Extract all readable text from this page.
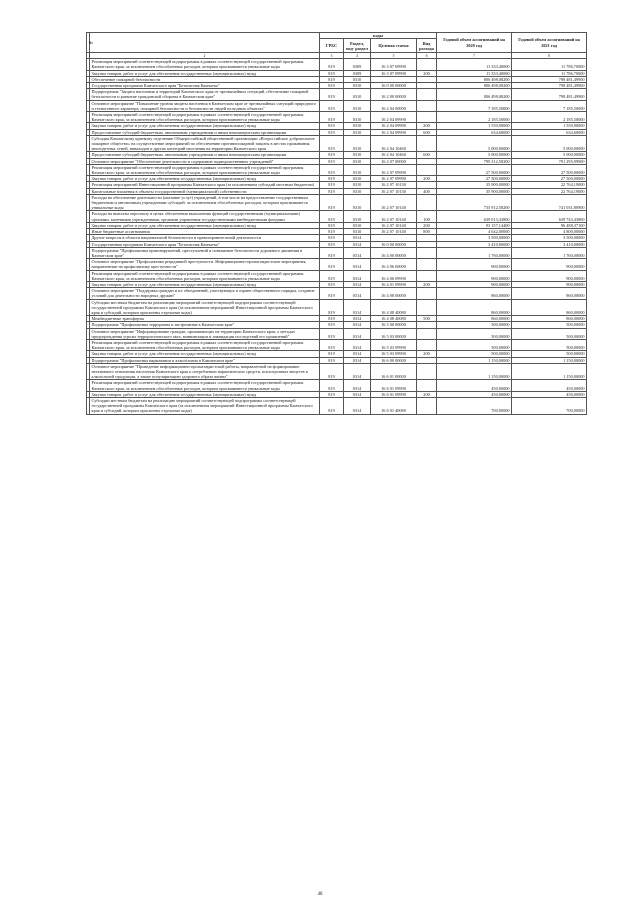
№		коды				Годовой объем ассигнований на 2020 год	Годовой объем ассигнований на 2021 год
		ГРБС	Раздел, под- раздел	Целевая статья	Вид расхода		
1	2	3	4	5	6	7	8
	Реализация мероприятий соответствующей подпрограммы в рамках соответствующей государственной программы Камчатского края, за исключением обособленных расходов, которым присваиваются уникальные коды	819	0309	16 3 07 09990		11 333,40000	11 786,70000
	Закупка товаров, работ и услуг для обеспечения государственных (муниципальных) нужд	819	0309	16 3 07 09990	200	11 333,40000	11 786,70000
	Обеспечение пожарной безопасности	819	0310			806 498,08200	798 481,49900
	Государственная программа Камчатского края "Безопасная Камчатка"	819	0310	16 0 00 00000		806 498,08200	798 481,49900
	Подпрограмма "Защита населения и территорий Камчатского края от чрезвычайных ситуаций, обеспечение пожарной безопасности и развитие гражданской обороны в Камчатском крае"	819	0310	16 2 00 00000		806 498,08200	798 481,49900
	Основное мероприятие "Повышение уровня защиты населения в Камчатском крае от чрезвычайных ситуаций природного и техногенного характера, пожарной безопасности и безопасности людей на водных объектах"	819	0310	16 2 04 00000		7 185,50000	7 185,50000
	Реализация мероприятий соответствующей подпрограммы в рамках соответствующей государственной программы Камчатского края, за исключением обособленных расходов, которым присваиваются уникальные коды	819	0310	16 2 04 09990		2 185,50000	2 185,50000
	Закупка товаров, работ и услуг для обеспечения государственных (муниципальных) нужд	819	0310	16 2 04 09990	200	1 550,90000	1 550,90000
	Предоставление субсидий бюджетным, автономным учреждениям и иным некоммерческим организациям	819	0310	16 2 04 09990	600	634,60000	634,60000
	Субсидия Камчатскому краевому отделению Общероссийской общественной организации «Всероссийское добровольное пожарное общество» на осуществление мероприятий по обеспечению противопожарной защиты в местах проживания многодетных семей, инвалидов и других категорий населения на территории Камчатского края	819	0310	16 2 04 10460		5 000,00000	5 000,00000
	Предоставление субсидий бюджетным, автономным учреждениям и иным некоммерческим организациям	819	0310	16 2 04 10460	600	5 000,00000	5 000,00000
	Основное мероприятие "Обеспечение деятельности и содержание подведомственных учреждений"	819	0310	16 2 07 00000		799 312,58200	791 295,99900
	Реализация мероприятий соответствующей подпрограммы в рамках соответствующей государственной программы Камчатского края, за исключением обособленных расходов, которым присваиваются уникальные коды	819	0310	16 2 07 09990		27 500,00000	27 500,00000
	Закупка товаров, работ и услуг для обеспечения государственных (муниципальных) нужд	819	0310	16 2 07 09990	200	27 500,00000	27 500,00000
	Реализация мероприятий Инвестиционной программы Камчатского края (за исключением субсидий местным бюджетам)	819	0310	16 2 07 10130		35 900,00000	22 764,19000
	Капитальные вложения в объекты государственной (муниципальной) собственности	819	0310	16 2 07 10130	400	35 900,00000	22 764,19000
	Расходы на обеспечение деятельности (оказание услуг) учреждений, в том числе на предоставление государственным бюджетным и автономным учреждениям субсидий, за исключением обособленных расходов, которым присваиваются уникальные коды	819	0310	16 2 07 10140		735 912,58200	741 031,80900
	Расходы на выплаты персоналу в целях обеспечения выполнения функций государственными (муниципальными) органами, казенными учреждениями, органами управления государственными внебюджетными фондами	819	0310	16 2 07 10140	100	639 013,43800	639 743,43800
	Закупка товаров, работ и услуг для обеспечения государственных (муниципальных) нужд	819	0310	16 2 07 10140	200	93 157,14400	96 488,37100
	Иные бюджетные ассигнования	819	0310	16 2 07 10140	800	4 642,00000	4 800,00000
	Другие вопросы в области национальной безопасности и правоохранительной деятельности	819	0314			3 500,00000	3 500,00000
	Государственная программа Камчатского края "Безопасная Камчатка"	819	0314	16 0 00 00000		3 410,00000	3 410,00000
	Подпрограмма "Профилактика правонарушений, преступлений и повышение безопасности дорожного движения в Камчатском крае"	819	0314	16 4 00 00000		1 760,00000	1 760,00000
	Основное мероприятие "Профилактика рецидивной преступности. Информационно-пропагандистские мероприятия, направленные на профилактику преступности"	819	0314	16 4 06 00000		900,00000	900,00000
	Реализация мероприятий соответствующей подпрограммы в рамках соответствующей государственной программы Камчатского края, за исключением обособленных расходов, которым присваиваются уникальные коды	819	0314	16 4 06 09990		900,00000	900,00000
	Закупка товаров, работ и услуг для обеспечения государственных (муниципальных) нужд	819	0314	16 4 01 09990	200	900,00000	900,00000
	Основное мероприятие "Поддержка граждан и их объединений, участвующих в охране общественного порядка, создание условий для деятельности народных дружин"	819	0314	16 4 08 00000		860,00000	860,00000
	Субсидии местным бюджетам на реализацию мероприятий соответствующей подпрограммы соответствующей государственной программы Камчатского края (за исключением мероприятий Инвестиционной программы Камчатского края и субсидий, которым присвоены отдельные коды)	819	0314	16 4 08 40080		860,00000	860,00000
	Межбюджетные трансферты	819	0314	16 4 08 40080	500	860,00000	860,00000
	Подпрограмма "Профилактика терроризма и экстремизма в Камчатском крае"	819	0314	16 5 00 00000		500,00000	500,00000
	Основное мероприятие "Информирование граждан, проживающих на территории Камчатского края, о методах предупреждения угрозы террористического акта, минимизации и ликвидации последствий его проявлений"	819	0314	16 5 03 00000		500,00000	500,00000
	Реализация мероприятий соответствующей подпрограммы в рамках соответствующей государственной программы Камчатского края, за исключением обособленных расходов, которым присваиваются уникальные коды	819	0314	16 5 03 09990		500,00000	500,00000
	Закупка товаров, работ и услуг для обеспечения государственных (муниципальных) нужд	819	0314	16 5 03 09990	200	500,00000	500,00000
	Подпрограмма "Профилактика наркомании и алкоголизма в Камчатском крае"	819	0314	16 6 00 00000		1 150,00000	1 150,00000
	Основное мероприятие "Проведение информационно-пропагандистской работы, направленной на формирование негативного отношения населения Камчатского края к потреблению наркотических средств, психотропных веществ и алкогольной продукции, а также популяризацию здорового образа жизни"	819	0314	16 6 01 00000		1 150,00000	1 150,00000
	Реализация мероприятий соответствующей подпрограммы в рамках соответствующей государственной программы Камчатского края, за исключением обособленных расходов, которым присваиваются уникальные коды	819	0314	16 6 01 09990		450,00000	450,00000
	Закупка товаров, работ и услуг для обеспечения государственных (муниципальных) нужд	819	0314	16 6 01 09990	200	450,00000	450,00000
	Субсидии местным бюджетам на реализацию мероприятий соответствующей подпрограммы соответствующей государственной программы Камчатского края (за исключением мероприятий Инвестиционной программы Камчатского края и субсидий, которым присвоены отдельные коды)	819	0314	16 6 01 40080		700,00000	700,00000
48
